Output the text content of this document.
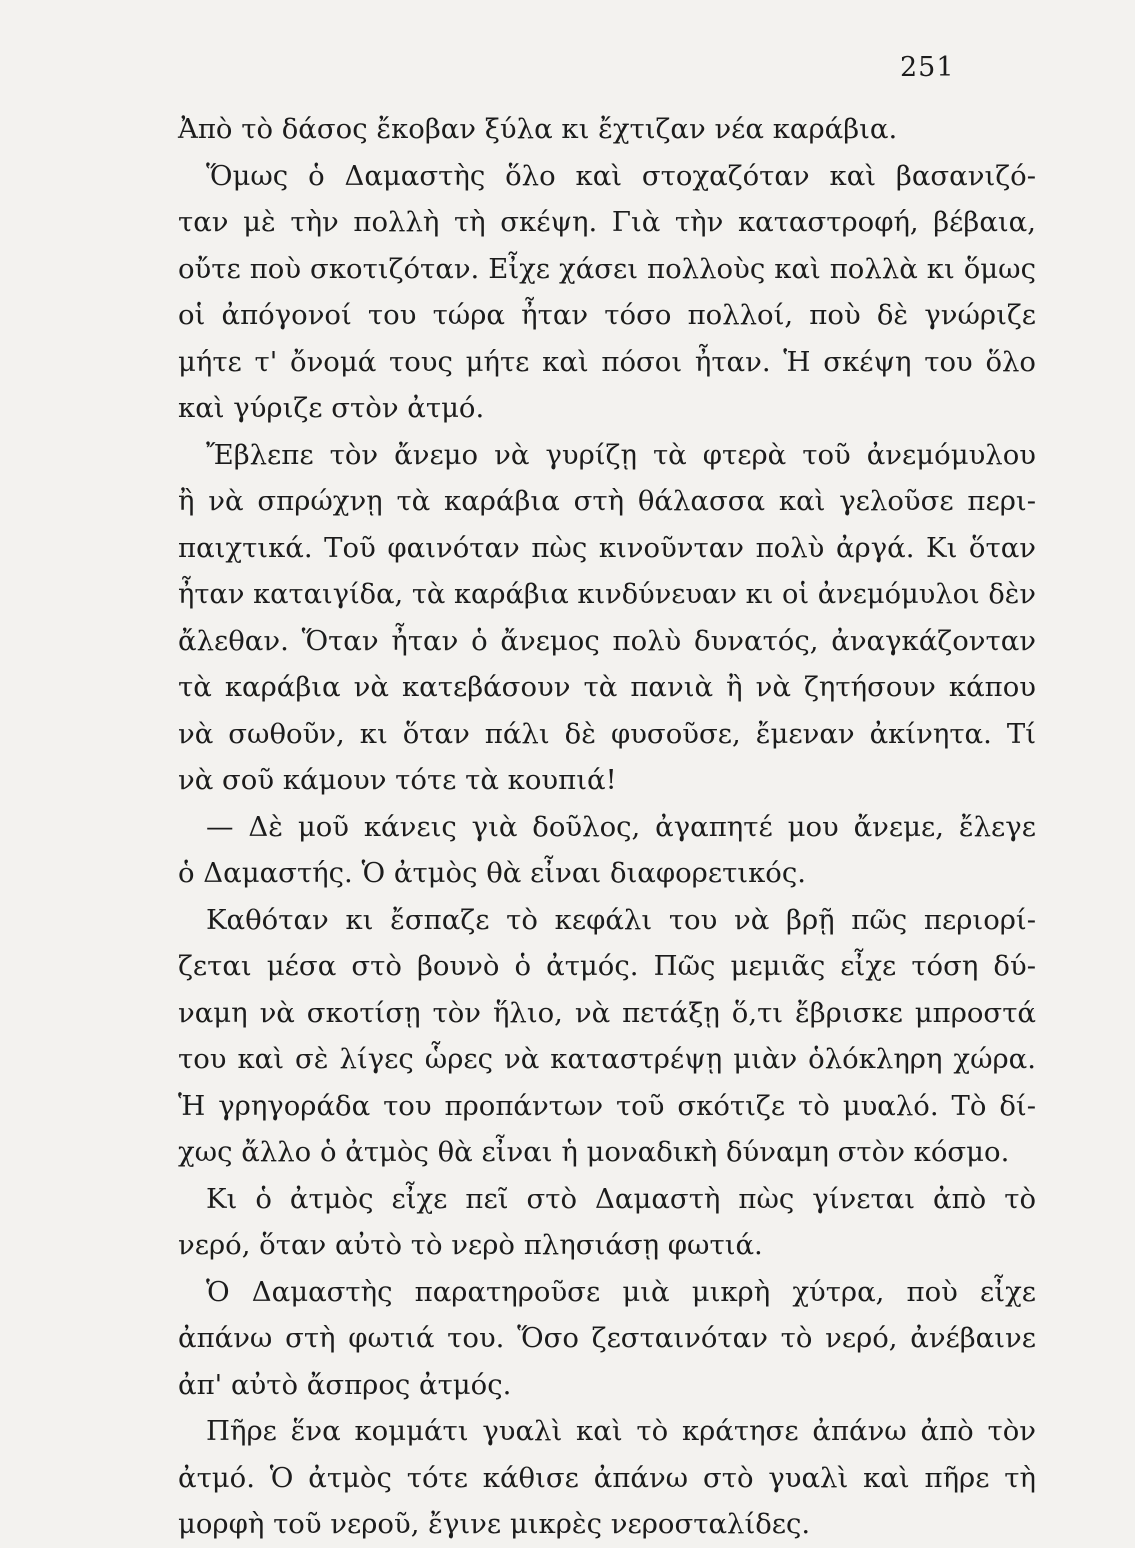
251
Ἀπὸ τὸ δάσος ἔκοβαν ξύλα κι ἔχτιζαν νέα καράβια.
Ὅμως ὁ Δαμαστὴς ὅλο καὶ στοχαζόταν καὶ βασανιζό-
ταν μὲ τὴν πολλὴ τὴ σκέψη. Γιὰ τὴν καταστροφή, βέβαια,
οὔτε ποὺ σκοτιζόταν. Εἶχε χάσει πολλοὺς καὶ πολλὰ κι ὅμως
οἱ ἀπόγονοί του τώρα ἦταν τόσο πολλοί, ποὺ δὲ γνώριζε
μήτε τ' ὄνομά τους μήτε καὶ πόσοι ἦταν. Ἡ σκέψη του ὅλο
καὶ γύριζε στὸν ἀτμό.
Ἔβλεπε τὸν ἄνεμο νὰ γυρίζῃ τὰ φτερὰ τοῦ ἀνεμόμυλου
ἢ νὰ σπρώχνῃ τὰ καράβια στὴ θάλασσα καὶ γελοῦσε περι-
παιχτικά. Τοῦ φαινόταν πὼς κινοῦνταν πολὺ ἀργά. Κι ὅταν
ἦταν καταιγίδα, τὰ καράβια κινδύνευαν κι οἱ ἀνεμόμυλοι δὲν
ἄλεθαν. Ὅταν ἦταν ὁ ἄνεμος πολὺ δυνατός, ἀναγκάζονταν
τὰ καράβια νὰ κατεβάσουν τὰ πανιὰ ἢ νὰ ζητήσουν κάπου
νὰ σωθοῦν, κι ὅταν πάλι δὲ φυσοῦσε, ἔμεναν ἀκίνητα. Τί
νὰ σοῦ κάμουν τότε τὰ κουπιά!
— Δὲ μοῦ κάνεις γιὰ δοῦλος, ἀγαπητέ μου ἄνεμε, ἔλεγε
ὁ Δαμαστής. Ὁ ἀτμὸς θὰ εἶναι διαφορετικός.
Καθόταν κι ἔσπαζε τὸ κεφάλι του νὰ βρῇ πῶς περιορί-
ζεται μέσα στὸ βουνὸ ὁ ἀτμός. Πῶς μεμιᾶς εἶχε τόση δύ-
ναμη νὰ σκοτίσῃ τὸν ἥλιο, νὰ πετάξῃ ὅ,τι ἔβρισκε μπροστά
του καὶ σὲ λίγες ὧρες νὰ καταστρέψῃ μιὰν ὁλόκληρη χώρα.
Ἡ γρηγοράδα του προπάντων τοῦ σκότιζε τὸ μυαλό. Τὸ δί-
χως ἄλλο ὁ ἀτμὸς θὰ εἶναι ἡ μοναδικὴ δύναμη στὸν κόσμο.
Κι ὁ ἀτμὸς εἶχε πεῖ στὸ Δαμαστὴ πὼς γίνεται ἀπὸ τὸ
νερό, ὅταν αὐτὸ τὸ νερὸ πλησιάσῃ φωτιά.
Ὁ Δαμαστὴς παρατηροῦσε μιὰ μικρὴ χύτρα, ποὺ εἶχε
ἀπάνω στὴ φωτιά του. Ὅσο ζεσταινόταν τὸ νερό, ἀνέβαινε
ἀπ' αὐτὸ ἄσπρος ἀτμός.
Πῆρε ἕνα κομμάτι γυαλὶ καὶ τὸ κράτησε ἀπάνω ἀπὸ τὸν
ἀτμό. Ὁ ἀτμὸς τότε κάθισε ἀπάνω στὸ γυαλὶ καὶ πῆρε τὴ
μορφὴ τοῦ νεροῦ, ἔγινε μικρὲς νεροσταλίδες.
